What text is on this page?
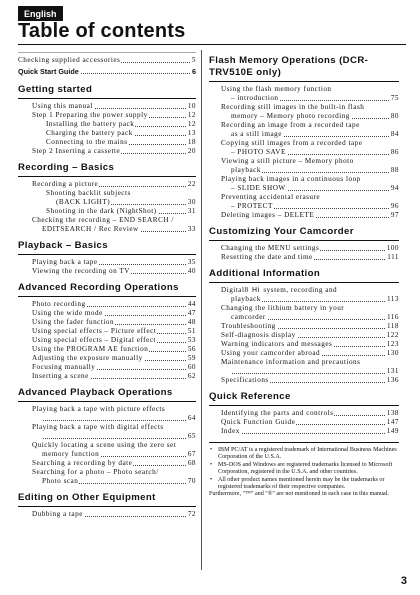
English
Table of contents
Checking supplied accessories	5
Quick Start Guide	6
Getting started
Using this manual	10
Step 1 Preparing the power supply	12
Installing the battery pack	12
Charging the battery pack	13
Connecting to the mains	18
Step 2 Inserting a cassette	20
Recording – Basics
Recording a picture	22
Shooting backlit subjects
(BACK LIGHT)	30
Shooting in the dark (NightShot)	31
Checking the recording – END SEARCH /
EDITSEARCH / Rec Review	33
Playback – Basics
Playing back a tape	35
Viewing the recording on TV	40
Advanced Recording Operations
Photo recording	44
Using the wide mode	47
Using the fader function	48
Using special effects – Picture effect	51
Using special effects – Digital effect	53
Using the PROGRAM AE function	56
Adjusting the exposure manually	59
Focusing manually	60
Inserting a scene	62
Advanced Playback Operations
Playing back a tape with picture effects
64
Playing back a tape with digital effects
65
Quickly locating a scene using the zero set
memory function	67
Searching a recording by date	68
Searching for a photo – Photo search/
Photo scan	70
Editing on Other Equipment
Dubbing a tape	72
Flash Memory Operations (DCR-TRV510E only)
Using the flash memory function
– introduction	75
Recording still images in the built-in flash
memory – Memory photo recording	80
Recording an image from a recorded tape
as a still image	84
Copying still images from a recorded tape
– PHOTO SAVE	86
Viewing a still picture – Memory photo
playback	88
Playing back images in a continuous loop
– SLIDE SHOW	94
Preventing accidental erasure
– PROTECT	96
Deleting images – DELETE	97
Customizing Your Camcorder
Changing the MENU settings	100
Resetting the date and time	111
Additional Information
Digital8 Hi system, recording and
playback	113
Changing the lithium battery in your
camcorder	116
Troubleshooting	118
Self-diagnosis display	122
Warning indicators and messages	123
Using your camcorder abroad	130
Maintenance information and precautions
131
Specifications	136
Quick Reference
Identifying the parts and controls	138
Quick Function Guide	147
Index	149
• IBM PC/AT is a registered trademark of International Business Machines Corporation of the U.S.A.
• MS-DOS and Windows are registered trademarks licensed to Microsoft Corporation, registered in the U.S.A. and other countries.
• All other product names mentioned herein may be the trademarks or registered trademarks of their respective companies.
Furthermore, "™" and "®" are not mentioned in each case in this manual.
3
